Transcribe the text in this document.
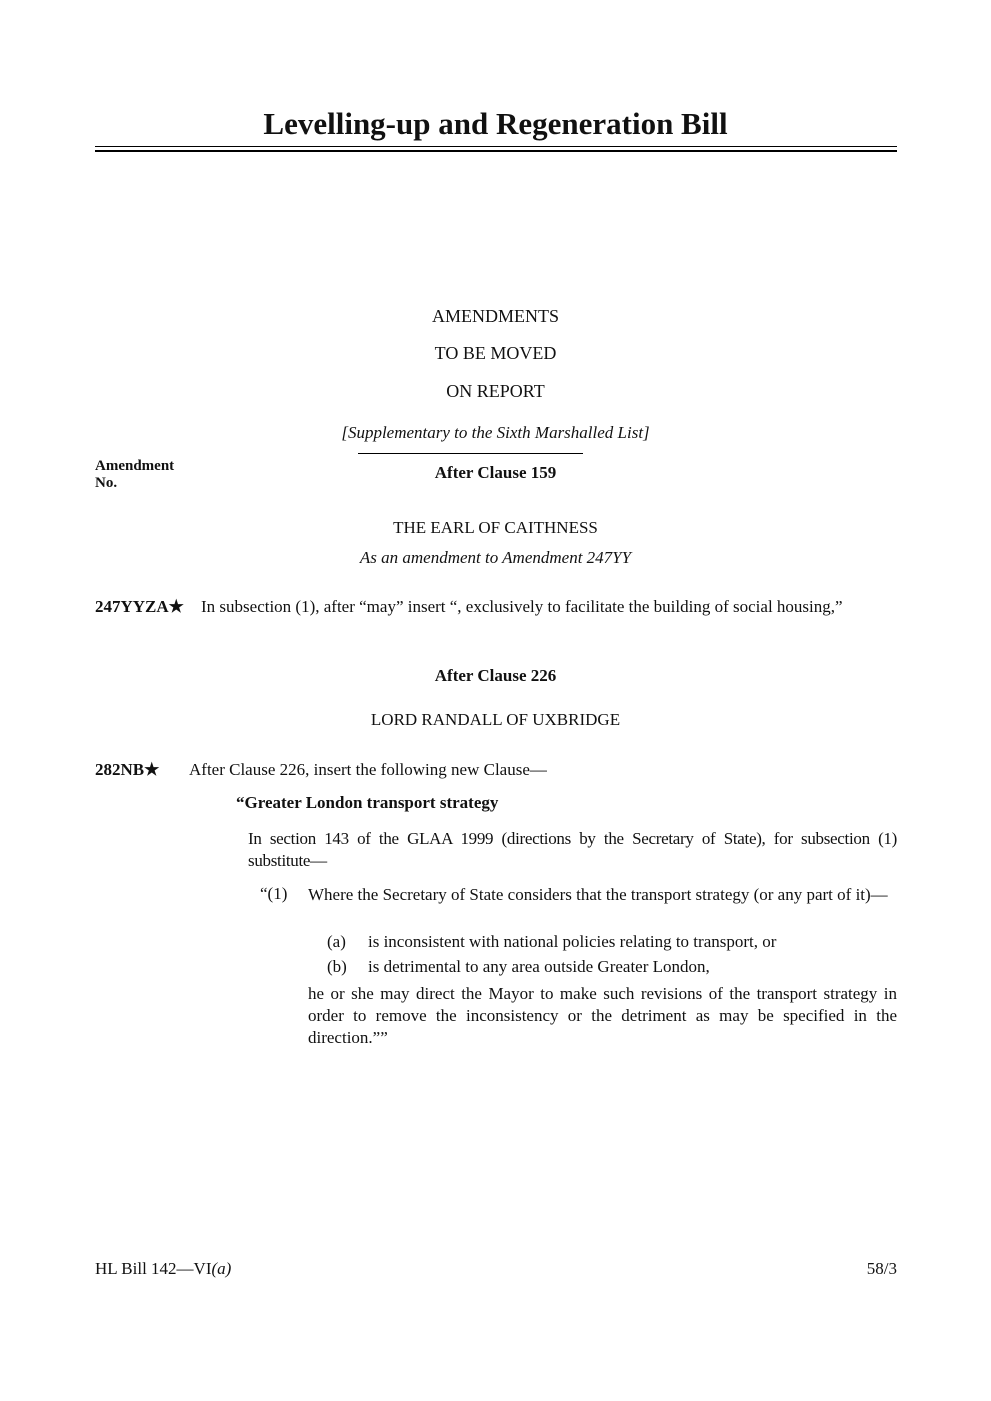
Levelling-up and Regeneration Bill
AMENDMENTS
TO BE MOVED
ON REPORT
[Supplementary to the Sixth Marshalled List]
Amendment
No.
After Clause 159
THE EARL OF CAITHNESS
As an amendment to Amendment 247YY
247YYZA★ In subsection (1), after “may” insert “, exclusively to facilitate the building of social housing,”
After Clause 226
LORD RANDALL OF UXBRIDGE
282NB★ After Clause 226, insert the following new Clause—
“Greater London transport strategy
In section 143 of the GLAA 1999 (directions by the Secretary of State), for subsection (1) substitute—
“(1) Where the Secretary of State considers that the transport strategy (or any part of it)—
(a) is inconsistent with national policies relating to transport, or
(b) is detrimental to any area outside Greater London,
he or she may direct the Mayor to make such revisions of the transport strategy in order to remove the inconsistency or the detriment as may be specified in the direction.””
HL Bill 142—VI(a)	58/3
